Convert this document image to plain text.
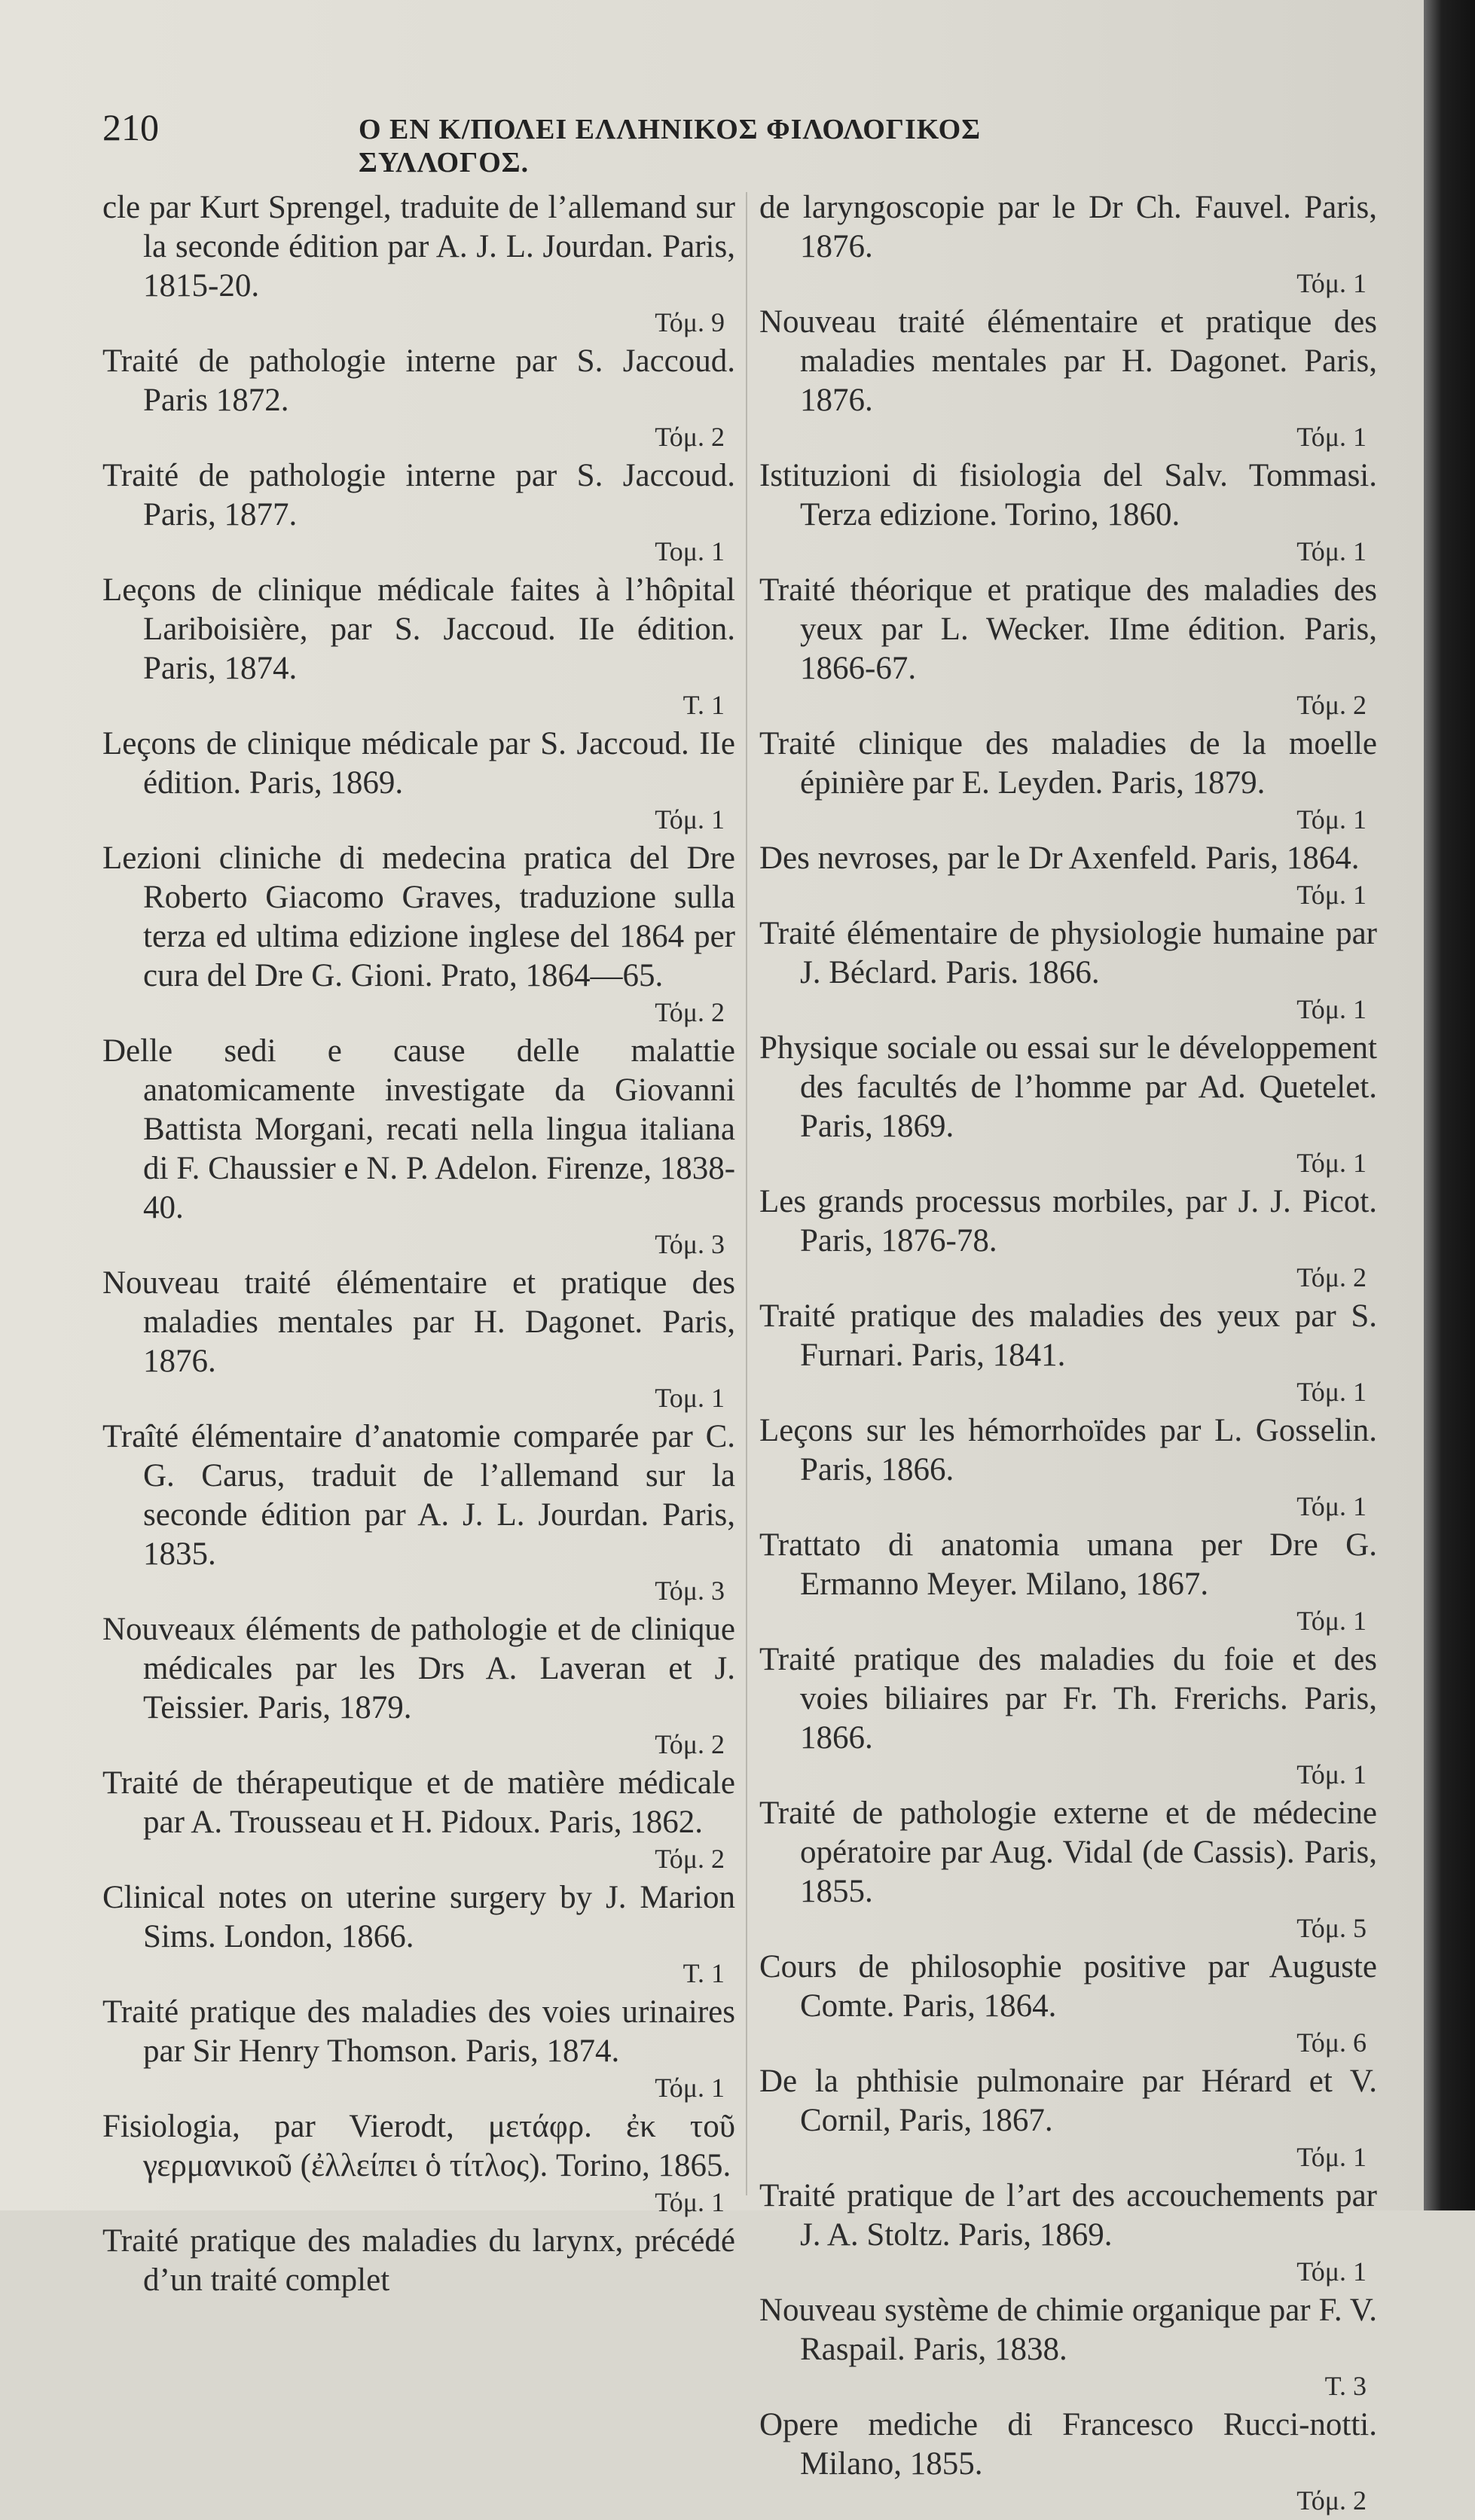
210	Ο ΕΝ Κ/ΠΟΛΕΙ ΕΛΛΗΝΙΚΟΣ ΦΙΛΟΛΟΓΙΚΟΣ ΣΥΛΛΟΓΟΣ.

cle par Kurt Sprengel, traduite de l’allemand sur la seconde édition par A. J. L. Jourdan. Paris, 1815-20.
Τόμ. 9

Traité de pathologie interne par S. Jaccoud. Paris 1872.
Τόμ. 2

Traité de pathologie interne par S. Jaccoud. Paris, 1877.
Τομ. 1

Leçons de clinique médicale faites à l’hôpital Lariboisière, par S. Jaccoud. IIe édition. Paris, 1874.
T. 1

Leçons de clinique médicale par S. Jaccoud. IIe édition. Paris, 1869.
Τόμ. 1

Lezioni cliniche di medecina pratica del Dre Roberto Giacomo Graves, traduzione sulla terza ed ultima edizione inglese del 1864 per cura del Dre G. Gioni. Prato, 1864—65.
Τόμ. 2

Delle sedi e cause delle malattie anatomicamente investigate da Giovanni Battista Morgani, recati nella lingua italiana di F. Chaussier e N. P. Adelon. Firenze, 1838-40.
Τόμ. 3

Nouveau traité élémentaire et pratique des maladies mentales par H. Dagonet. Paris, 1876.
Τομ. 1

Traîté élémentaire d’anatomie comparée par C. G. Carus, traduit de l’allemand sur la seconde édition par A. J. L. Jourdan. Paris, 1835.
Τόμ. 3

Nouveaux éléments de pathologie et de clinique médicales par les Drs A. Laveran et J. Teissier. Paris, 1879.
Τόμ. 2

Traité de thérapeutique et de matière médicale par A. Trousseau et H. Pidoux. Paris, 1862.
Τόμ. 2

Clinical notes on uterine surgery by J. Marion Sims. London, 1866.
T. 1

Traité pratique des maladies des voies urinaires par Sir Henry Thomson. Paris, 1874.
Τόμ. 1

Fisiologia, par Vierodt, μετάφρ. ἐκ τοῦ γερμανικοῦ (ἐλλείπει ὁ τίτλος). Torino, 1865.
Τόμ. 1

Traité pratique des maladies du larynx, précédé d’un traité complet

de laryngoscopie par le Dr Ch. Fauvel. Paris, 1876.
Τόμ. 1

Nouveau traité élémentaire et pratique des maladies mentales par H. Dagonet. Paris, 1876.
Τόμ. 1

Istituzioni di fisiologia del Salv. Tommasi. Terza edizione. Torino, 1860.
Τόμ. 1

Traité théorique et pratique des maladies des yeux par L. Wecker. IIme édition. Paris, 1866-67.
Τόμ. 2

Traité clinique des maladies de la moelle épinière par E. Leyden. Paris, 1879.
Τόμ. 1

Des nevroses, par le Dr Axenfeld. Paris, 1864.
Τόμ. 1

Traité élémentaire de physiologie humaine par J. Béclard. Paris. 1866.
Τόμ. 1

Physique sociale ou essai sur le développement des facultés de l’homme par Ad. Quetelet. Paris, 1869.
Τόμ. 1

Les grands processus morbiles, par J. J. Picot. Paris, 1876-78.
Τόμ. 2

Traité pratique des maladies des yeux par S. Furnari. Paris, 1841.
Τόμ. 1

Leçons sur les hémorrhoïdes par L. Gosselin. Paris, 1866.
Τόμ. 1

Trattato di anatomia umana per Dre G. Ermanno Meyer. Milano, 1867.
Τόμ. 1

Traité pratique des maladies du foie et des voies biliaires par Fr. Th. Frerichs. Paris, 1866.
Τόμ. 1

Traité de pathologie externe et de médecine opératoire par Aug. Vidal (de Cassis). Paris, 1855.
Τόμ. 5

Cours de philosophie positive par Auguste Comte. Paris, 1864.
Τόμ. 6

De la phthisie pulmonaire par Hérard et V. Cornil, Paris, 1867.
Τόμ. 1

Traité pratique de l’art des accouchements par J. A. Stoltz. Paris, 1869.
Τόμ. 1

Nouveau système de chimie organique par F. V. Raspail. Paris, 1838.
T. 3

Opere mediche di Francesco Rucci-notti. Milano, 1855.
Τόμ. 2
